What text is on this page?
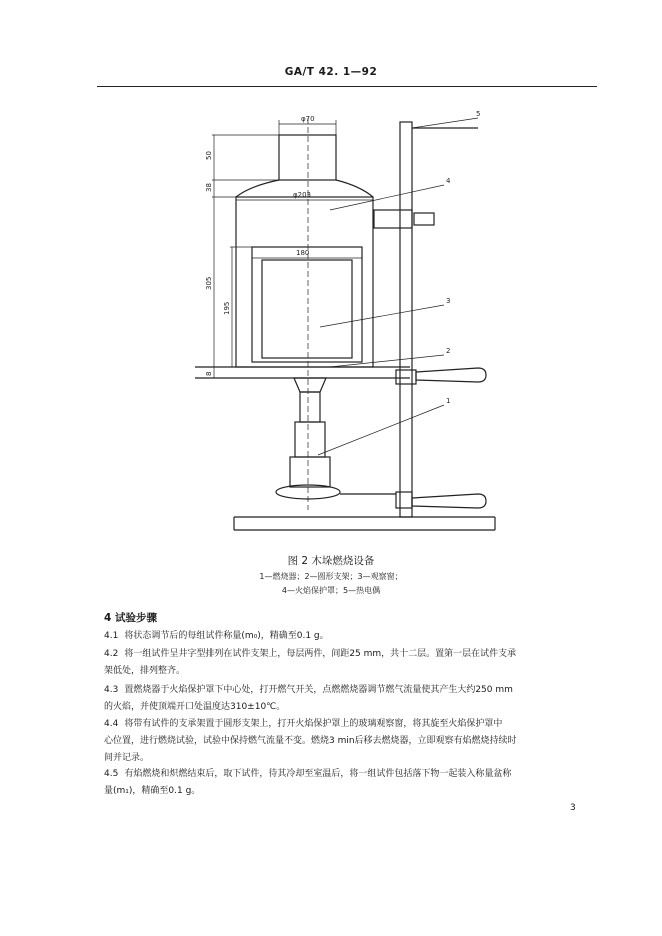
GA/T 42. 1—92
5
4
3
2
1
φ70
φ203
180
50
38
305
195
8
图 2 木垛燃烧设备
1—燃烧器；2—圆形支架；3—观察窗；
4—火焰保护罩；5—热电偶
4 试验步骤
4.1 将状态调节后的每组试件称量(m₀)，精确至0.1 g。
4.2 将一组试件呈井字型排列在试件支架上，每层两件，间距25 mm，共十二层。置第一层在试件支承
架低处，排列整齐。
4.3 置燃烧器于火焰保护罩下中心处，打开燃气开关，点燃燃烧器调节燃气流量使其产生大约250 mm
的火焰，并使顶端开口处温度达310±10℃。
4.4 将带有试件的支承架置于圆形支架上，打开火焰保护罩上的玻璃观察窗，将其旋至火焰保护罩中
心位置，进行燃烧试验，试验中保持燃气流量不变。燃烧3 min后移去燃烧器，立即观察有焰燃烧持续时
间并记录。
4.5 有焰燃烧和炽燃结束后，取下试件，待其冷却至室温后，将一组试件包括落下物一起装入称量盆称
量(m₁)，精确至0.1 g。
3
